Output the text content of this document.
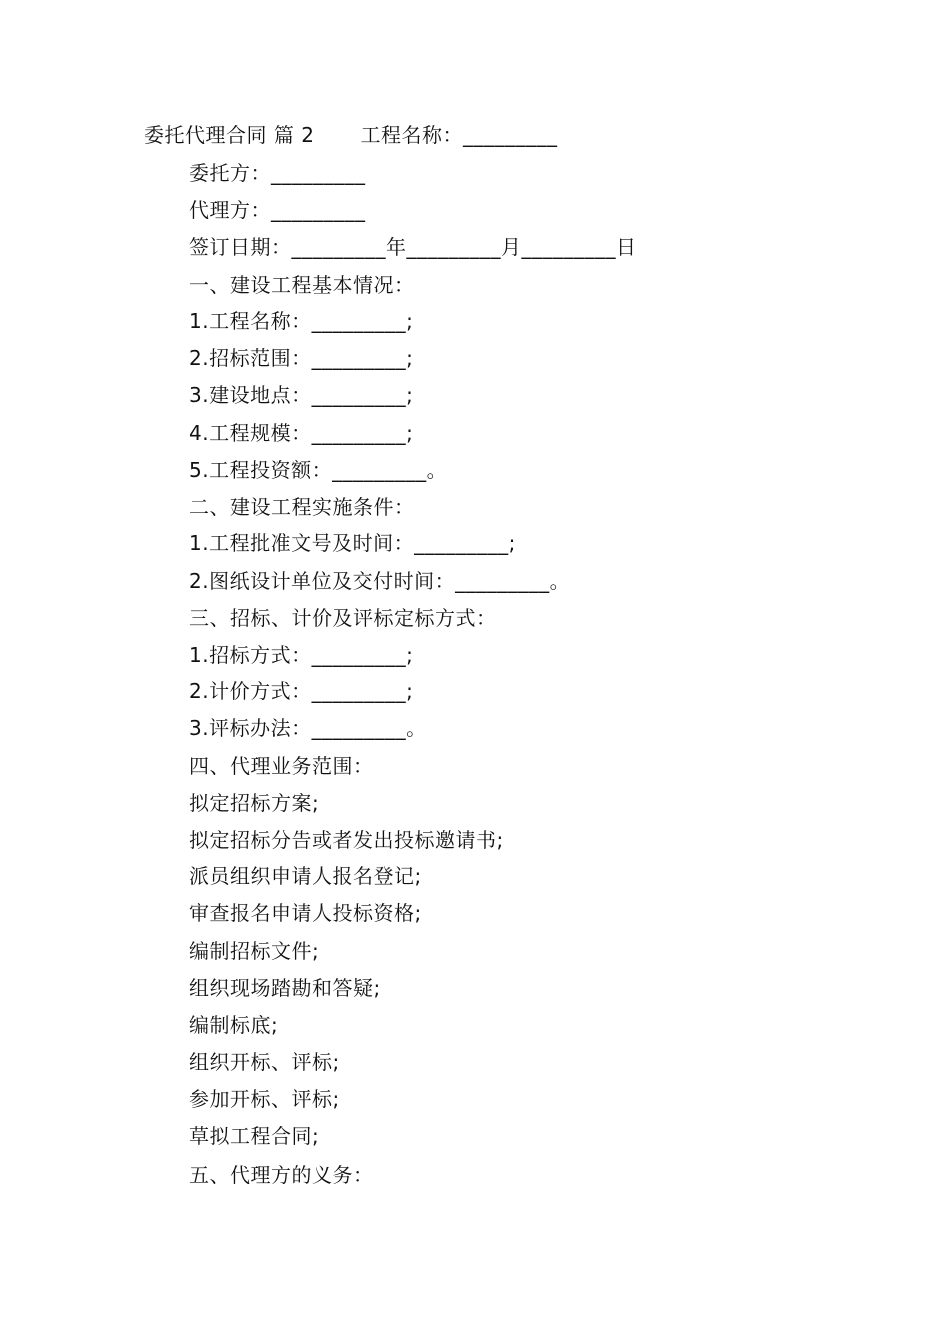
委托代理合同 篇 2 工程名称：_________
委托方：_________
代理方：_________
签订日期：_________年_________月_________日
一、建设工程基本情况：
1.工程名称：_________;
2.招标范围：_________;
3.建设地点：_________;
4.工程规模：_________;
5.工程投资额：_________。
二、建设工程实施条件：
1.工程批准文号及时间：_________;
2.图纸设计单位及交付时间：_________。
三、招标、计价及评标定标方式：
1.招标方式：_________;
2.计价方式：_________;
3.评标办法：_________。
四、代理业务范围：
拟定招标方案;
拟定招标分告或者发出投标邀请书;
派员组织申请人报名登记;
审查报名申请人投标资格;
编制招标文件;
组织现场踏勘和答疑;
编制标底;
组织开标、评标;
参加开标、评标;
草拟工程合同;
五、代理方的义务：
